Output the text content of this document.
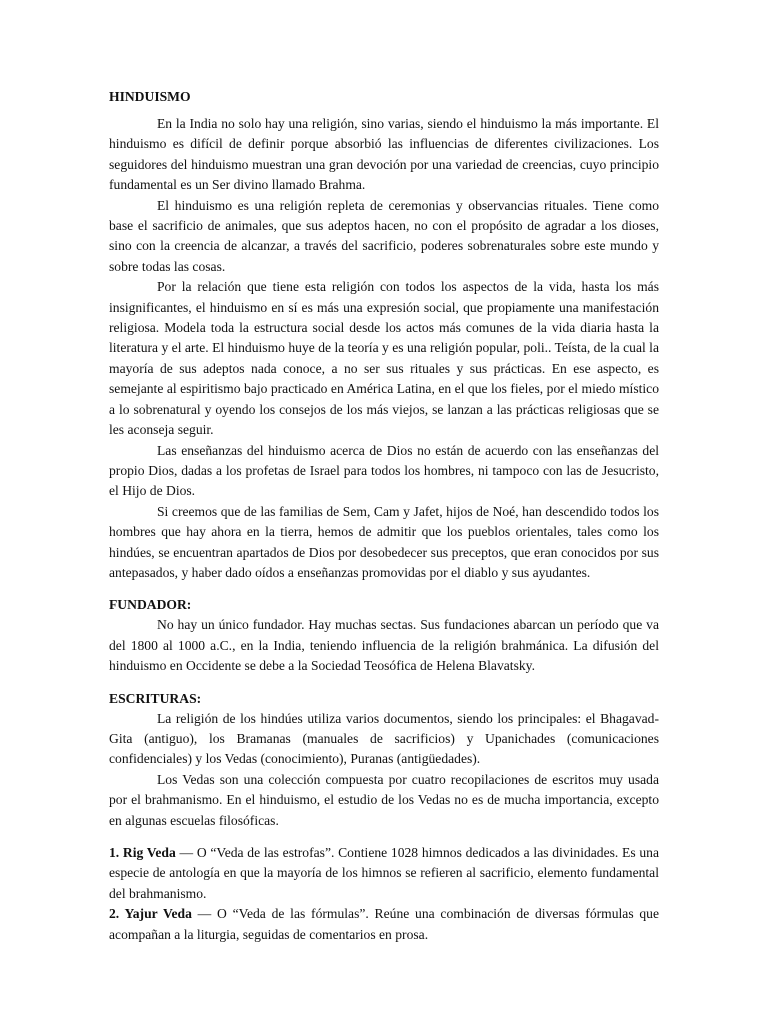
HINDUISMO

En la India no solo hay una religión, sino varias, siendo el hinduismo la más importante. El hinduismo es difícil de definir porque absorbió las influencias de diferentes civilizaciones. Los seguidores del hinduismo muestran una gran devoción por una variedad de creencias, cuyo principio fundamental es un Ser divino llamado Brahma.

El hinduismo es una religión repleta de ceremonias y observancias rituales. Tiene como base el sacrificio de animales, que sus adeptos hacen, no con el propósito de agradar a los dioses, sino con la creencia de alcanzar, a través del sacrificio, poderes sobrenaturales sobre este mundo y sobre todas las cosas.

Por la relación que tiene esta religión con todos los aspectos de la vida, hasta los más insignificantes, el hinduismo en sí es más una expresión social, que propiamente una manifestación religiosa. Modela toda la estructura social desde los actos más comunes de la vida diaria hasta la literatura y el arte. El hinduismo huye de la teoría y es una religión popular, poli.. Teísta, de la cual la mayoría de sus adeptos nada conoce, a no ser sus rituales y sus prácticas. En ese aspecto, es semejante al espiritismo bajo practicado en América Latina, en el que los fieles, por el miedo místico a lo sobrenatural y oyendo los consejos de los más viejos, se lanzan a las prácticas religiosas que se les aconseja seguir.

Las enseñanzas del hinduismo acerca de Dios no están de acuerdo con las enseñanzas del propio Dios, dadas a los profetas de Israel para todos los hombres, ni tampoco con las de Jesucristo, el Hijo de Dios.

Si creemos que de las familias de Sem, Cam y Jafet, hijos de Noé, han descendido todos los hombres que hay ahora en la tierra, hemos de admitir que los pueblos orientales, tales como los hindúes, se encuentran apartados de Dios por desobedecer sus preceptos, que eran conocidos por sus antepasados, y haber dado oídos a enseñanzas promovidas por el diablo y sus ayudantes.

FUNDADOR:

No hay un único fundador. Hay muchas sectas. Sus fundaciones abarcan un período que va del 1800 al 1000 a.C., en la India, teniendo influencia de la religión brahmánica. La difusión del hinduismo en Occidente se debe a la Sociedad Teosófica de Helena Blavatsky.

ESCRITURAS:

La religión de los hindúes utiliza varios documentos, siendo los principales: el Bhagavad-Gita (antiguo), los Bramanas (manuales de sacrificios) y Upanichades (comunicaciones confidenciales) y los Vedas (conocimiento), Puranas (antigüedades).

Los Vedas son una colección compuesta por cuatro recopilaciones de escritos muy usada por el brahmanismo. En el hinduismo, el estudio de los Vedas no es de mucha importancia, excepto en algunas escuelas filosóficas.

1. Rig Veda — O “Veda de las estrofas”. Contiene 1028 himnos dedicados a las divinidades. Es una especie de antología en que la mayoría de los himnos se refieren al sacrificio, elemento fundamental del brahmanismo.

2. Yajur Veda — O “Veda de las fórmulas”. Reúne una combinación de diversas fórmulas que acompañan a la liturgia, seguidas de comentarios en prosa.
